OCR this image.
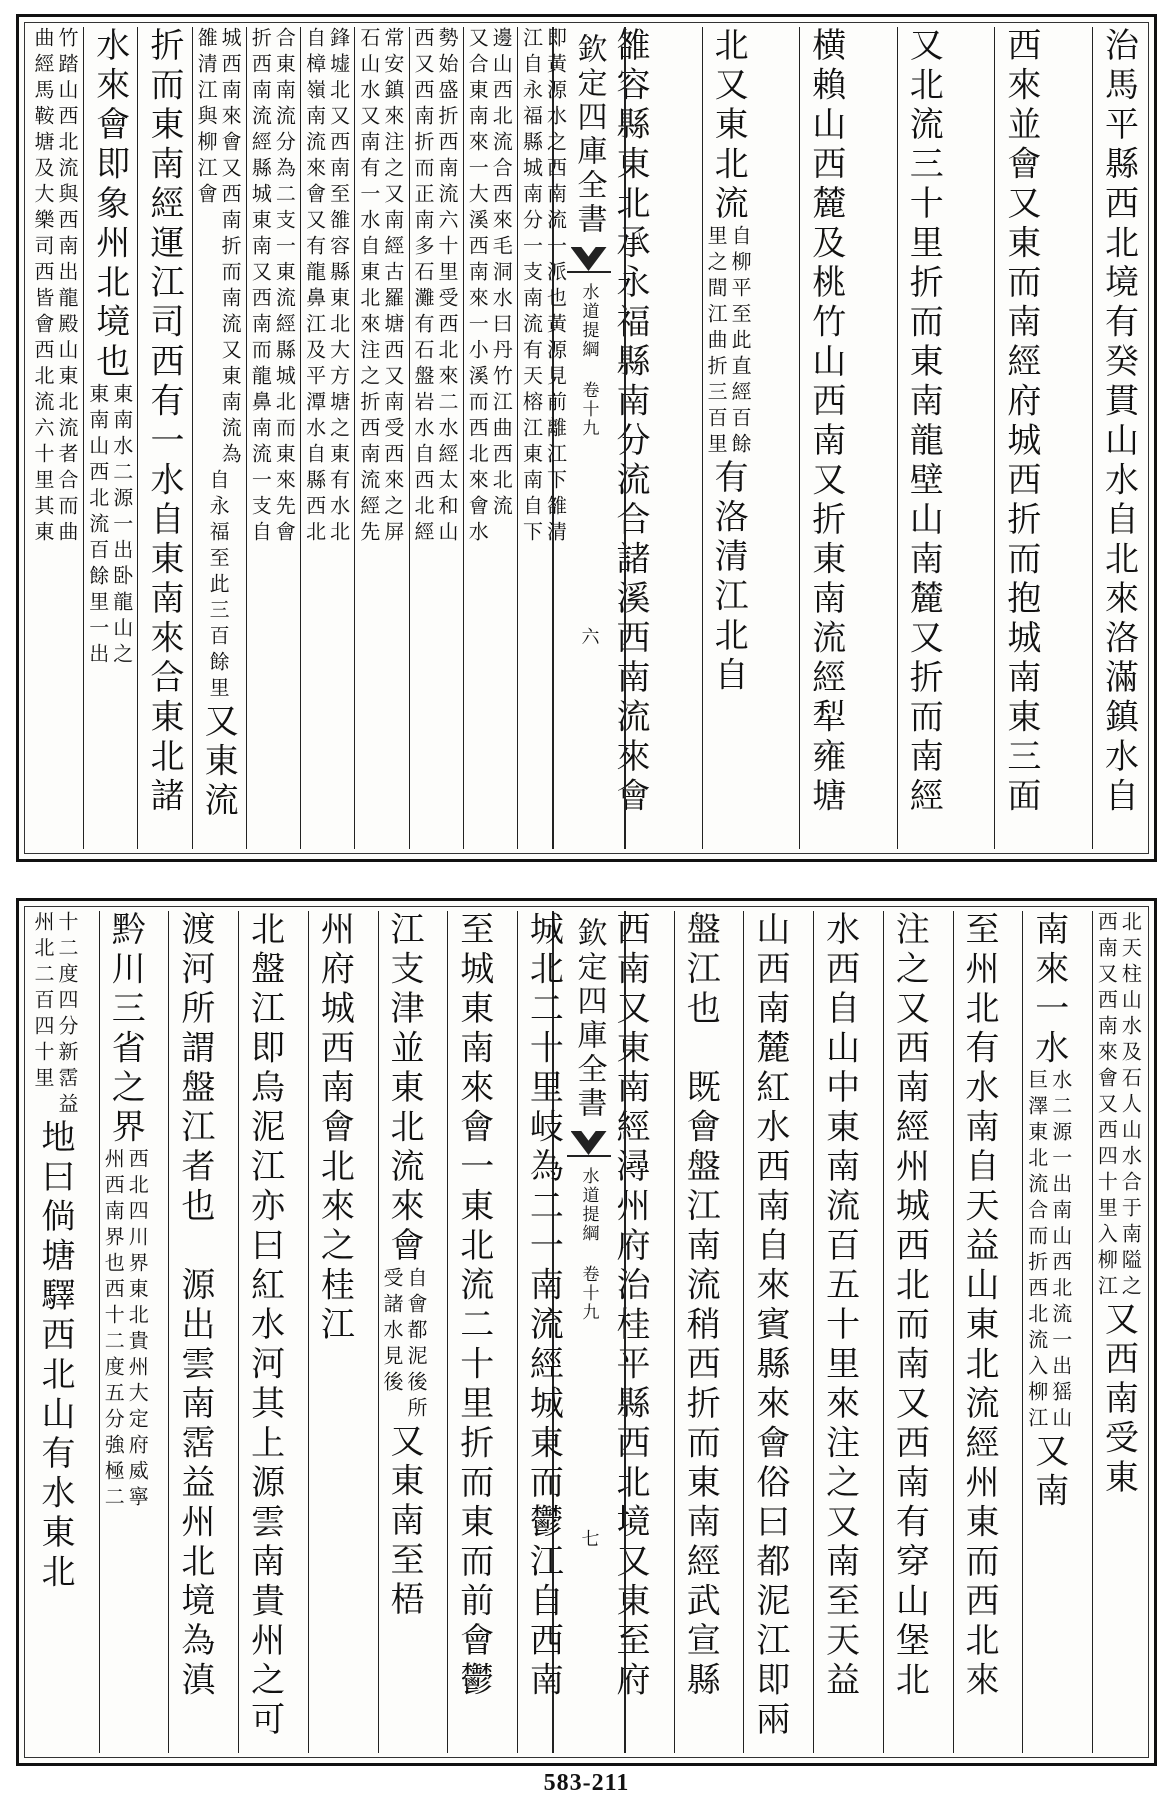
治馬平縣西北境有癸貫山水自北來洛滿鎮水自
西來並會又東而南經府城西折而抱城南東三面
又北流三十里折而東南龍壁山南麓又折而南經
横賴山西麓及桃竹山西南又折東南流經犁雍塘
北又東北流
自柳平至此直經百餘
里之間江曲折三百里
有洛清江北自
雒容縣東北承永福縣南分流合諸溪西南流來會
欽定四庫全書
水道提綱 卷十九
六
即黃源水之西南流一派也黃源見前離江下雒清
江自永福縣城南分一支南流有天榕江東南自下
邊山西北流合西來毛洞水曰丹竹江曲西北流
又合東南來一大溪西南來一小溪而西北來會水
勢始盛折西南流六十里受西北來二水經太和山
西又西南折而正南多石灘有石盤岩水自西北經
常安鎮來注之又南經古羅塘西又南受西來之屏
石山水又南有一水自東北來注之折西南流經先
鋒墟北又西南至雒容縣東北大方塘之東有水北
自樟嶺南流來會又有龍鼻江及平潭水自縣西北
合東南流分為二支一東流經縣城北而東來先會
折西南流經縣城東南又西南而龍鼻南流一支自
城西南來會又西南折而南流又東南流為
雒清江與柳江會
自永福至此三百餘里
又東流
折而東南經運江司西有一水自東南來合東北諸
水來會即象州北境也
東南水二源一出卧龍山之
東南山西北流百餘里一出
竹踏山西北流與西南出龍殿山東北流者合而曲
曲經馬鞍塘及大樂司西皆會西北流六十里其東
北天柱山水及石人山水合于南隘之
西南又西南來會又西四十里入柳江
又西南受東
南來一水
水二源一出南山西北流一出猺山
巨澤東北流合而折西北流入柳江
又南
至州北有水南自天益山東北流經州東而西北來
注之又西南經州城西北而南又西南有穿山堡北
水西自山中東南流百五十里來注之又南至天益
山西南麓紅水西南自來賓縣來會俗曰都泥江即兩
盤江也　既會盤江南流稍西折而東南經武宣縣
西南又東南經潯州府治桂平縣西北境又東至府
欽定四庫全書
水道提綱 卷十九
七
城北二十里岐為二一南流經城東而鬱江自西南
至城東南來會一東北流二十里折而東而前會鬱
江支津並東北流來會
自會都泥後所
受諸水見後
又東南至梧
州府城西南會北來之桂江
北盤江即烏泥江亦曰紅水河其上源雲南貴州之可
渡河所謂盤江者也　源出雲南霑益州北境為滇
黔川三省之界
西北四川界東北貴州大定府威寧
州西南界也西十二度五分強極二
十二度四分新霑益
州北二百四十里
地曰倘塘驛西北山有水東北
583-211
